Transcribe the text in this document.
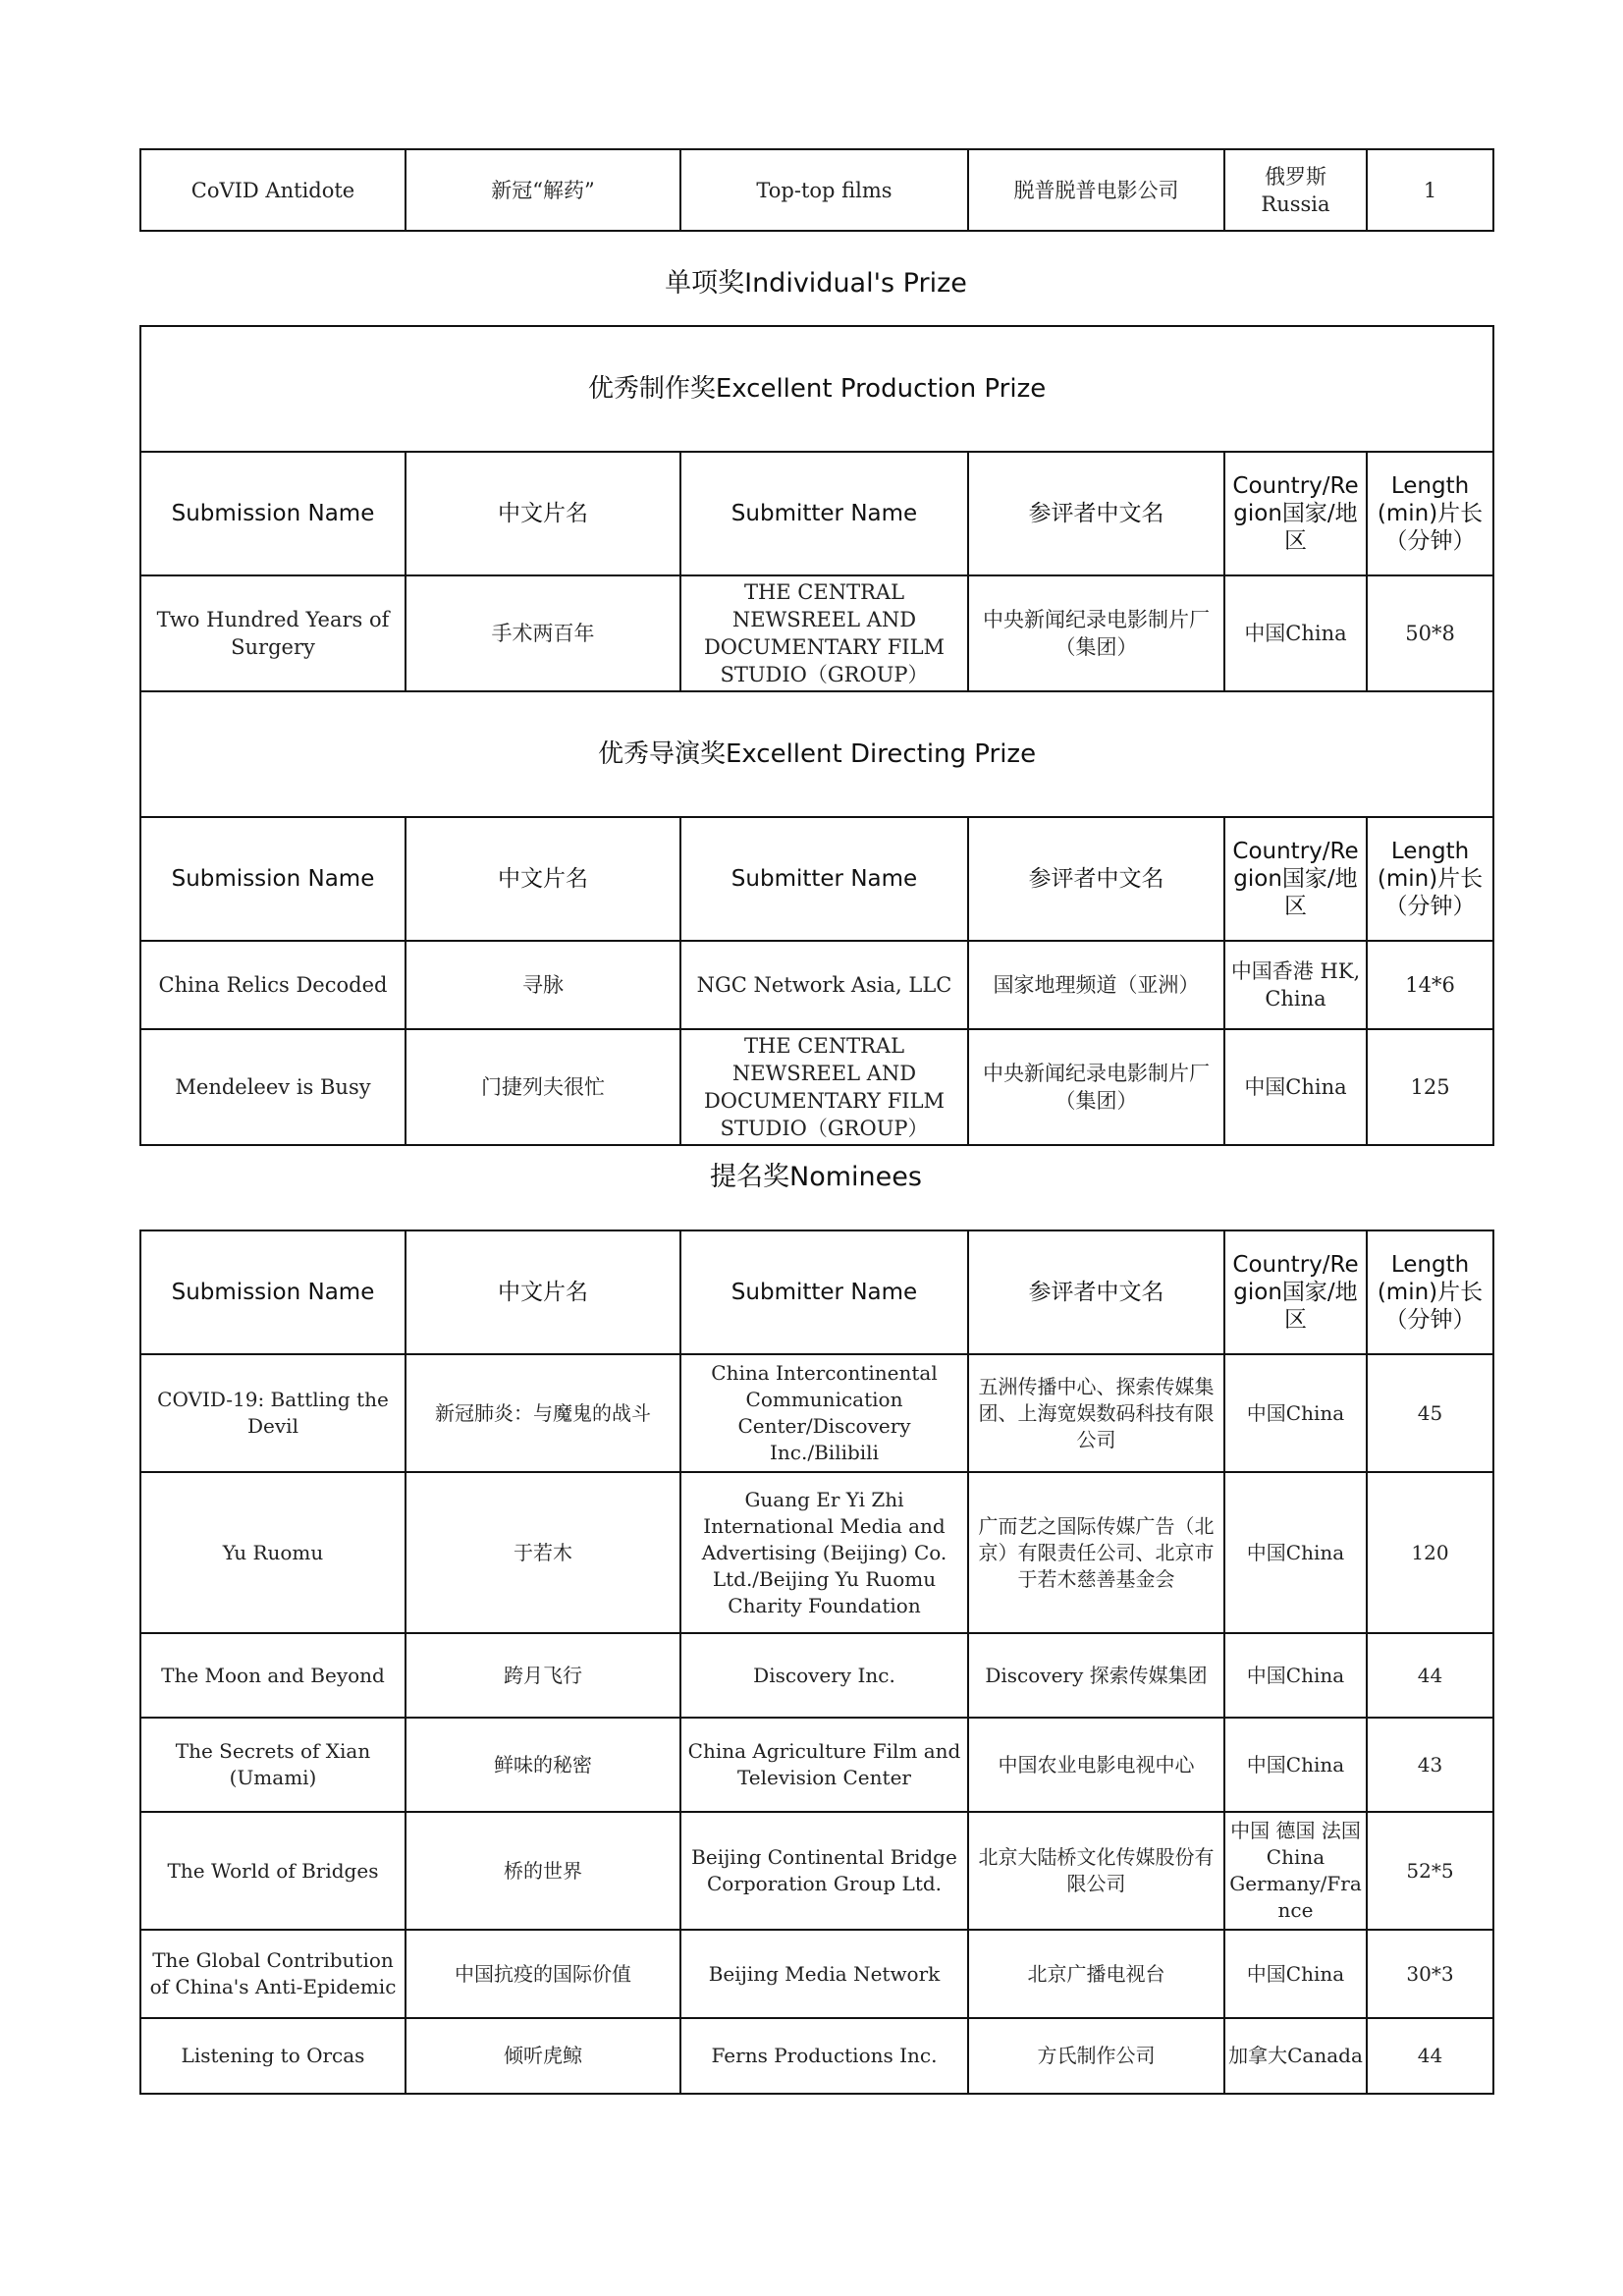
CoVID Antidote	新冠“解药”	Top-top films	脱普脱普电影公司	俄罗斯 Russia	1
单项奖Individual's Prize
优秀制作奖Excellent Production Prize					
Submission Name	中文片名	Submitter Name	参评者中文名	Country/Region国家/地区	Length (min)片长（分钟）
Two Hundred Years of Surgery	手术两百年	THE CENTRAL NEWSREEL AND DOCUMENTARY FILM STUDIO（GROUP）	中央新闻纪录电影制片厂（集团）	中国China	50*8
优秀导演奖Excellent Directing Prize					
Submission Name	中文片名	Submitter Name	参评者中文名	Country/Region国家/地区	Length (min)片长（分钟）
China Relics Decoded	寻脉	NGC Network Asia, LLC	国家地理频道（亚洲）	中国香港 HK, China	14*6
Mendeleev is Busy	门捷列夫很忙	THE CENTRAL NEWSREEL AND DOCUMENTARY FILM STUDIO（GROUP）	中央新闻纪录电影制片厂（集团）	中国China	125
提名奖Nominees
Submission Name	中文片名	Submitter Name	参评者中文名	Country/Region国家/地区	Length (min)片长（分钟）
COVID-19: Battling the Devil	新冠肺炎：与魔鬼的战斗	China Intercontinental Communication Center/Discovery Inc./Bilibili	五洲传播中心、探索传媒集团、上海宽娱数码科技有限公司	中国China	45
Yu Ruomu	于若木	Guang Er Yi Zhi International Media and Advertising (Beijing) Co. Ltd./Beijing Yu Ruomu Charity Foundation	广而艺之国际传媒广告（北京）有限责任公司、北京市于若木慈善基金会	中国China	120
The Moon and Beyond	跨月飞行	Discovery Inc.	Discovery 探索传媒集团	中国China	44
The Secrets of Xian (Umami)	鲜味的秘密	China Agriculture Film and Television Center	中国农业电影电视中心	中国China	43
The World of Bridges	桥的世界	Beijing Continental Bridge Corporation Group Ltd.	北京大陆桥文化传媒股份有限公司	中国 德国 法国 China Germany/France	52*5
The Global Contribution of China's Anti-Epidemic	中国抗疫的国际价值	Beijing Media Network	北京广播电视台	中国China	30*3
Listening to Orcas	倾听虎鲸	Ferns Productions Inc.	方氏制作公司	加拿大Canada	44
